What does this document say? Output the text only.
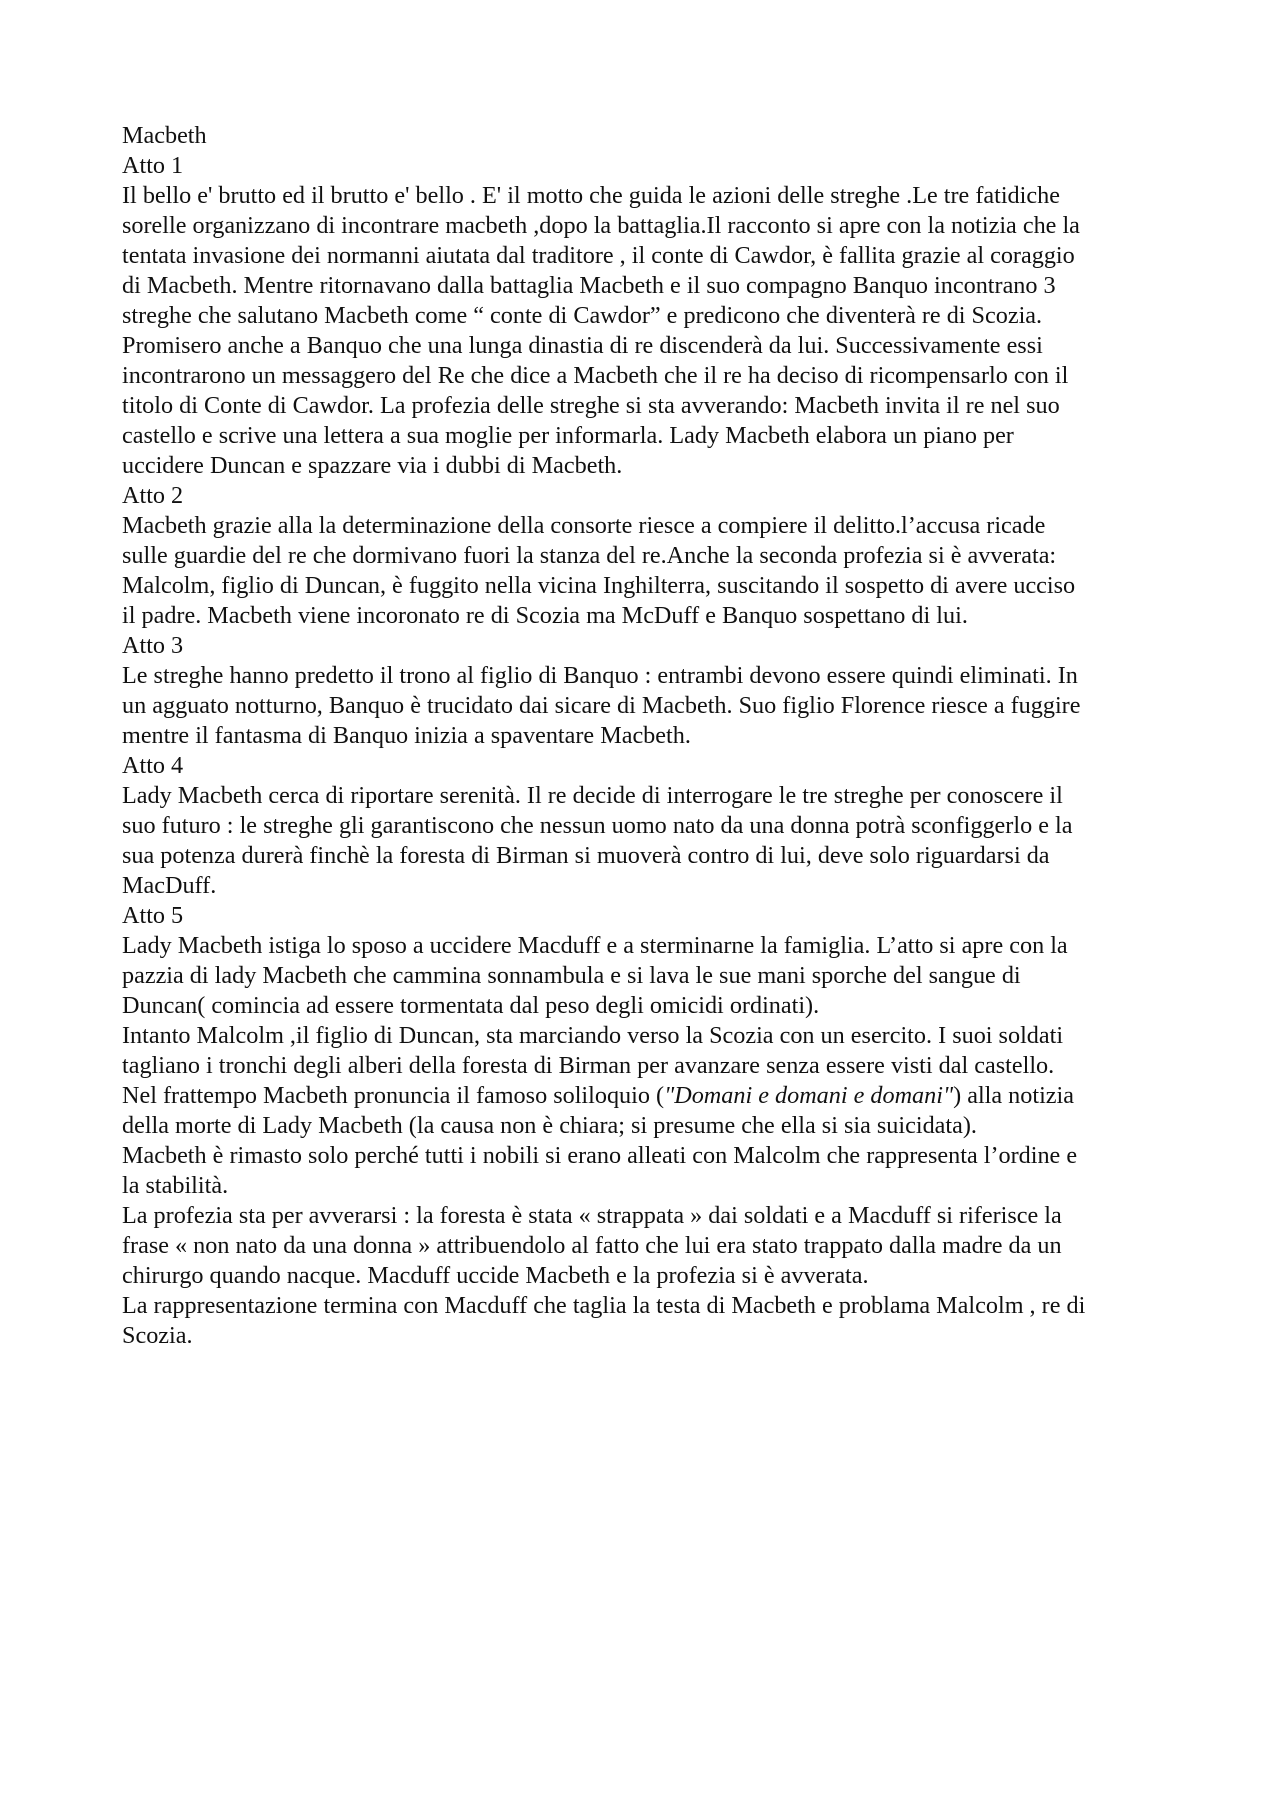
Macbeth
Atto 1
Il bello e' brutto ed il brutto e' bello . E' il motto che guida le azioni delle streghe .Le tre fatidiche
sorelle organizzano di incontrare macbeth ,dopo la battaglia.Il racconto si apre con la notizia che la
tentata invasione dei normanni aiutata dal traditore , il conte di Cawdor, è fallita grazie al coraggio
di Macbeth. Mentre ritornavano dalla battaglia Macbeth e il suo compagno Banquo incontrano 3
streghe che salutano Macbeth come “ conte di Cawdor” e predicono che diventerà re di Scozia.
Promisero anche a Banquo che una lunga dinastia di re discenderà da lui. Successivamente essi
incontrarono un messaggero del Re che dice a Macbeth che il re ha deciso di ricompensarlo con il
titolo di Conte di Cawdor. La profezia delle streghe si sta avverando: Macbeth invita il re nel suo
castello e scrive una lettera a sua moglie per informarla. Lady Macbeth elabora un piano per
uccidere Duncan e spazzare via i dubbi di Macbeth.
Atto 2
Macbeth grazie alla la determinazione della consorte riesce a compiere il delitto.l’accusa ricade
sulle guardie del re che dormivano fuori la stanza del re.Anche la seconda profezia si è avverata:
Malcolm, figlio di Duncan, è fuggito nella vicina Inghilterra, suscitando il sospetto di avere ucciso
il padre. Macbeth viene incoronato re di Scozia ma McDuff e Banquo sospettano di lui.
Atto 3
Le streghe hanno predetto il trono al figlio di Banquo : entrambi devono essere quindi eliminati. In
un agguato notturno, Banquo è trucidato dai sicare di Macbeth. Suo figlio Florence riesce a fuggire
mentre il fantasma di Banquo inizia a spaventare Macbeth.
Atto 4
Lady Macbeth cerca di riportare serenità. Il re decide di interrogare le tre streghe per conoscere il
suo futuro : le streghe gli garantiscono che nessun uomo nato da una donna potrà sconfiggerlo e la
sua potenza durerà finchè la foresta di Birman si muoverà contro di lui, deve solo riguardarsi da
MacDuff.
Atto 5
Lady Macbeth istiga lo sposo a uccidere Macduff e a sterminarne la famiglia. L’atto si apre con la
pazzia di lady Macbeth che cammina sonnambula e si lava le sue mani sporche del sangue di
Duncan( comincia ad essere tormentata dal peso degli omicidi ordinati).
Intanto Malcolm ,il figlio di Duncan, sta marciando verso la Scozia con un esercito. I suoi soldati
tagliano i tronchi degli alberi della foresta di Birman per avanzare senza essere visti dal castello.
Nel frattempo Macbeth pronuncia il famoso soliloquio ("Domani e domani e domani") alla notizia
della morte di Lady Macbeth (la causa non è chiara; si presume che ella si sia suicidata).
Macbeth è rimasto solo perché tutti i nobili si erano alleati con Malcolm che rappresenta l’ordine e
la stabilità.
La profezia sta per avverarsi : la foresta è stata « strappata » dai soldati e a Macduff si riferisce la
frase « non nato da una donna » attribuendolo al fatto che lui era stato trappato dalla madre da un
chirurgo quando nacque. Macduff uccide Macbeth e la profezia si è avverata.
La rappresentazione termina con Macduff che taglia la testa di Macbeth e problama Malcolm , re di
Scozia.
